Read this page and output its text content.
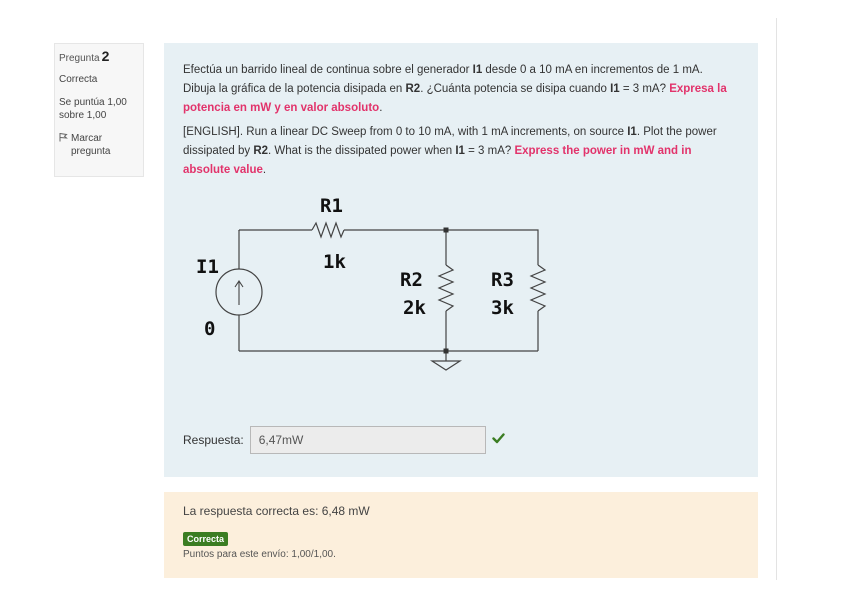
Pregunta 2
Correcta
Se puntúa 1,00
sobre 1,00
Marcar pregunta

Efectúa un barrido lineal de continua sobre el generador I1 desde 0 a 10 mA en incrementos de 1 mA. Dibuja la gráfica de la potencia disipada en R2. ¿Cuánta potencia se disipa cuando I1 = 3 mA? Expresa la potencia en mW y en valor absoluto.

[ENGLISH]. Run a linear DC Sweep from 0 to 10 mA, with 1 mA increments, on source I1. Plot the power dissipated by R2. What is the dissipated power when I1 = 3 mA? Express the power in mW and in absolute value.

R1
1k
I1
0
R2
2k
R3
3k
Respuesta:
6,47mW
La respuesta correcta es: 6,48 mW
Correcta
Puntos para este envío: 1,00/1,00.
